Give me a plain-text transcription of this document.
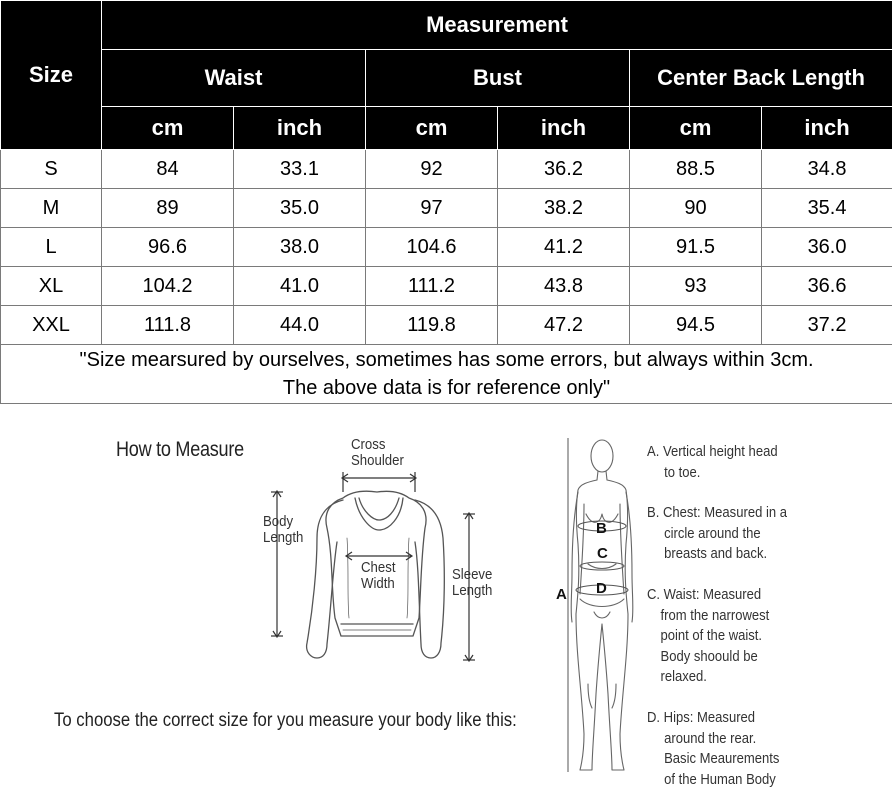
Size	Measurement					
	Waist		Bust		Center Back Length	
	cm	inch	cm	inch	cm	inch
S	84	33.1	92	36.2	88.5	34.8
M	89	35.0	97	38.2	90	35.4
L	96.6	38.0	104.6	41.2	91.5	36.0
XL	104.2	41.0	111.2	43.8	93	36.6
XXL	111.8	44.0	119.8	47.2	94.5	37.2

"Size mearsured by ourselves, sometimes has some errors, but always within 3cm.
The above data is for reference only"						
How to Measure	Cross
Shoulder
Body
Length
Chest
Width
Sleeve
Length
To choose the correct size for you measure your body like this:
B
C
D
A
A. Vertical height head
to toe.
B. Chest: Measured in a
circle around the
breasts and back.
C. Waist: Measured
from the narrowest
point of the waist.
Body shoould be
relaxed.
D. Hips: Measured
around the rear.
Basic Meaurements
of the Human Body
